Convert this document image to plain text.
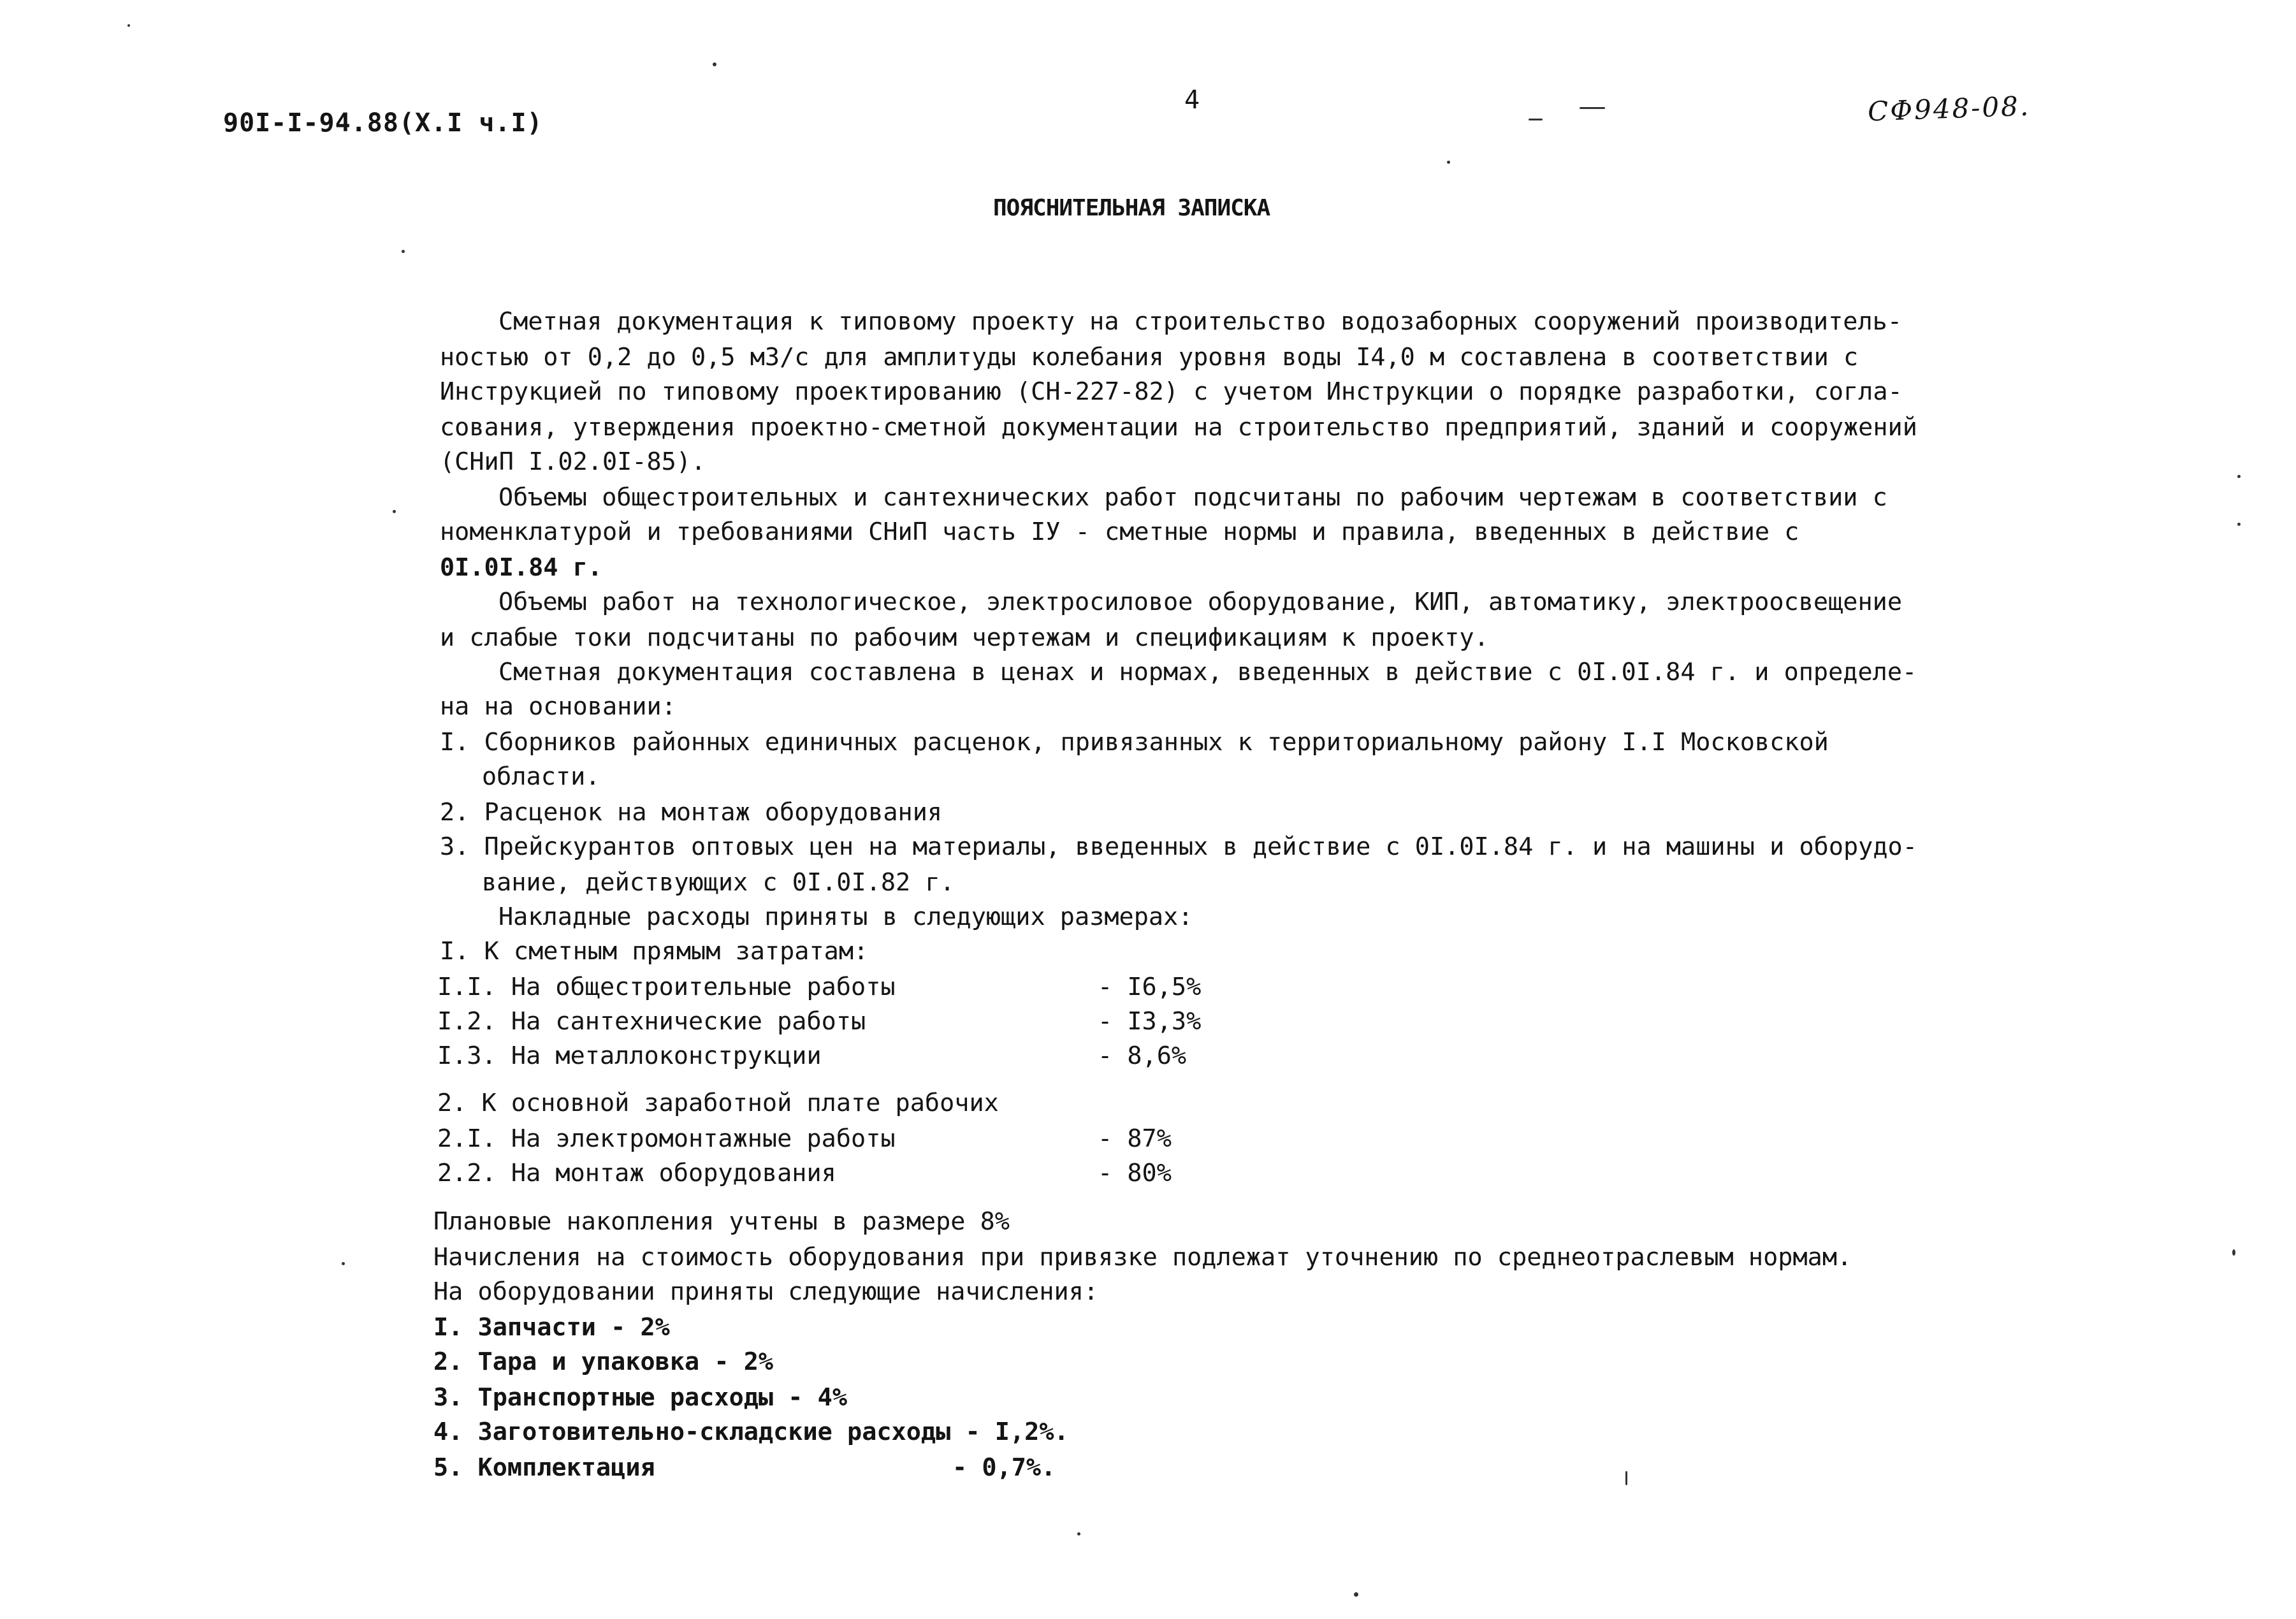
90I-I-94.88(X.I ч.I)
4	СФ948-08.
ПОЯСНИТЕЛЬНАЯ ЗАПИСКА
Сметная документация к типовому проекту на строительство водозаборных сооружений производитель-
ностью от 0,2 до 0,5 м3/с для амплитуды колебания уровня воды I4,0 м составлена в соответствии с
Инструкцией по типовому проектированию (СН-227-82) с учетом Инструкции о порядке разработки, согла-
сования, утверждения проектно-сметной документации на строительство предприятий, зданий и сооружений
(СНиП I.02.0I-85).
Объемы общестроительных и сантехнических работ подсчитаны по рабочим чертежам в соответствии с
номенклатурой и требованиями СНиП часть IУ - сметные нормы и правила, введенных в действие с
0I.0I.84 г.
Объемы работ на технологическое, электросиловое оборудование, КИП, автоматику, электроосвещение
и слабые токи подсчитаны по рабочим чертежам и спецификациям к проекту.
Сметная документация составлена в ценах и нормах, введенных в действие с 0I.0I.84 г. и определе-
на на основании:
I. Сборников районных единичных расценок, привязанных к территориальному району I.I Московской
области.
2. Расценок на монтаж оборудования
3. Прейскурантов оптовых цен на материалы, введенных в действие с 0I.0I.84 г. и на машины и оборудо-
вание, действующих с 0I.0I.82 г.
Накладные расходы приняты в следующих размерах:
I. К сметным прямым затратам:
I.I. На общестроительные работы	- I6,5%
I.2. На сантехнические работы	- I3,3%
I.3. На металлоконструкции	- 8,6%
2. К основной заработной плате рабочих
2.I. На электромонтажные работы	- 87%
2.2. На монтаж оборудования	- 80%
Плановые накопления учтены в размере 8%
Начисления на стоимость оборудования при привязке подлежат уточнению по среднеотраслевым нормам.
На оборудовании приняты следующие начисления:
I. Запчасти - 2%
2. Тара и упаковка - 2%
3. Транспортные расходы - 4%
4. Заготовительно-складские расходы - I,2%.
5. Комплектация	- 0,7%.
